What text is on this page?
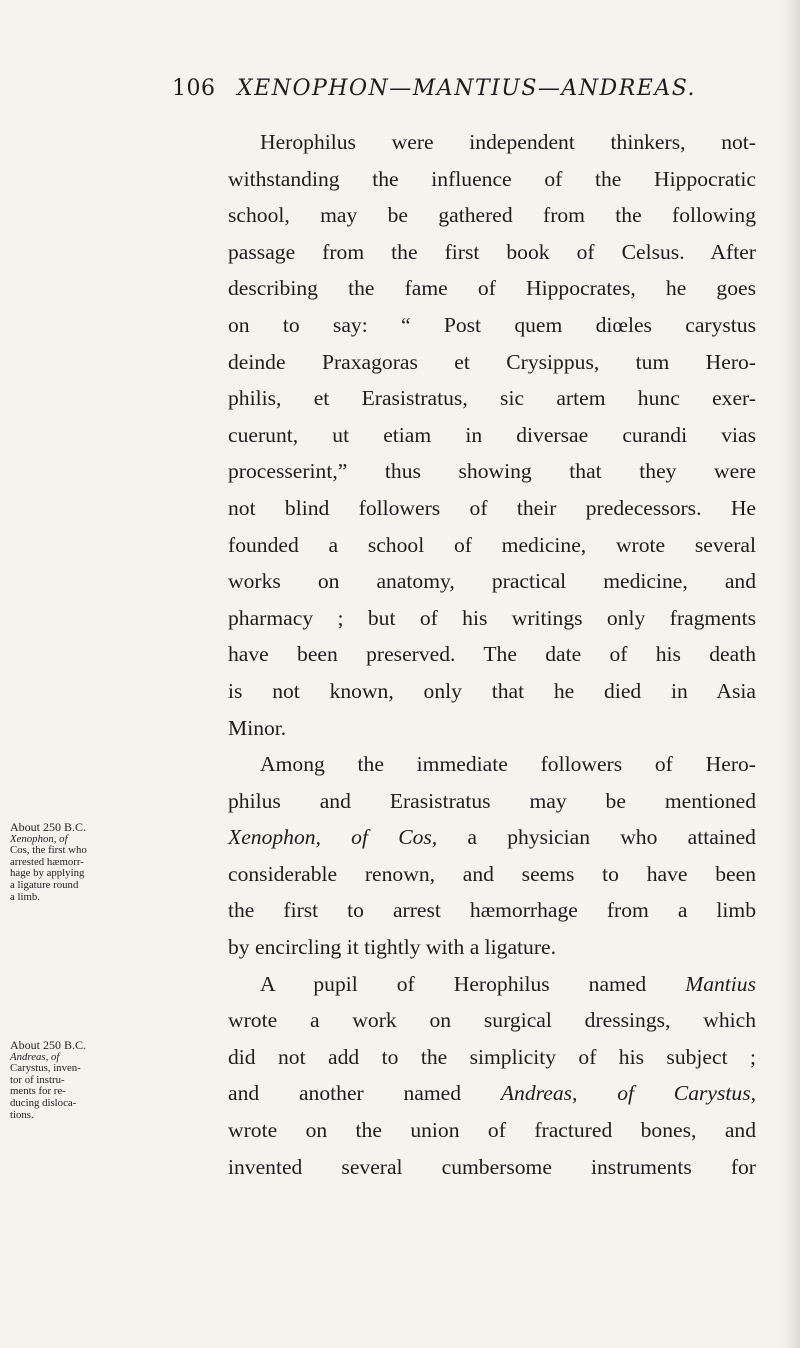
106 XENOPHON—MANTIUS—ANDREAS.
Herophilus were independent thinkers, not-
withstanding the influence of the Hippocratic
school, may be gathered from the following
passage from the first book of Celsus. After
describing the fame of Hippocrates, he goes
on to say: “ Post quem diœles carystus
deinde Praxagoras et Crysippus, tum Hero-
philis, et Erasistratus, sic artem hunc exer-
cuerunt, ut etiam in diversae curandi vias
processerint,” thus showing that they were
not blind followers of their predecessors. He
founded a school of medicine, wrote several
works on anatomy, practical medicine, and
pharmacy ; but of his writings only fragments
have been preserved. The date of his death
is not known, only that he died in Asia
Minor.
Among the immediate followers of Hero-
philus and Erasistratus may be mentioned
Xenophon, of Cos, a physician who attained
considerable renown, and seems to have been
the first to arrest hæmorrhage from a limb
by encircling it tightly with a ligature.
A pupil of Herophilus named Mantius
wrote a work on surgical dressings, which
did not add to the simplicity of his subject ;
and another named Andreas, of Carystus,
wrote on the union of fractured bones, and
invented several cumbersome instruments for
About 250 B.C.
Xenophon, of
Cos, the first who
arrested hæmorr-
hage by applying
a ligature round
a limb.
About 250 B.C.
Andreas, of
Carystus, inven-
tor of instru-
ments for re-
ducing disloca-
tions.
